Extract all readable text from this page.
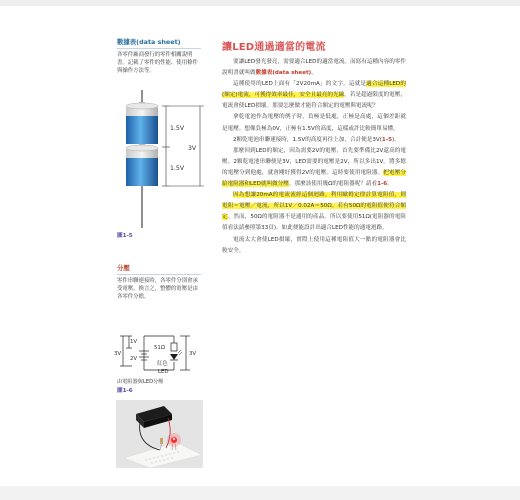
數據表(data sheet)
各零件廠商發行的零件相關說明書。記載了零件的性能、使用條件與操作方法等。
1.5V
1.5V
3V
圖1-5
分壓
零件串聯連接時，各零件分別會承受電壓，換言之，整體的電壓是由各零件分擔。
1V
3V
2V
51Ω
紅色
LED
3V
由電阻器與LED分壓
圖1-6
讓LED通過適當的電流

要讓LED發光發亮，需要適合LED的適當電流。而寫有這種內容的零件說明書就叫做數據表(data sheet)。

這種使用的LED上面有「2V20mA」的文字。這就是適合這種LED的(額定)電流，可獲得效率最佳，安全且最亮的光線。若是超過限度的電壓，電流會使LED損壞。那要怎麼做才能符合額定的電壓與電流呢？

拿乾電池作為電壓的例子時，負極是低處，正極是高處，這個差距就是電壓。想像負極為0V，正極有1.5V的高度，這樣或許比較簡單易懂。

2顆乾電池串聯連接時，1.5V的高度再往上加，合計便是3V(1-5)。

那麼回到LED的額定，因為需要2V的電壓，首先要準備比2V還高的電壓。2顆乾電池串聯便是3V，LED需要的電壓是2V，所以多出1V。將多餘的電壓分到他處，就會剛好獲得2V的電壓。這時要使用電阻器。把電壓分給電阻器和LED就叫做分壓。那麼該使用幾Ω的電阻器呢？請看1-6。

因為想讓20mA的電流流經這個迴路，利用歐姆定律計算電阻值，則電阻＝電壓／電流，所以1V／0.02A＝50Ω。若有50Ω的電阻值便符合額定。然而，50Ω的電阻器不是通用的產品，所以要使用51Ω(電阻器的電阻值看法請參照第33頁)。如此便能設計出適合LED性能的通電迴路。

電流太大會使LED損壞，實際上使用這種電阻值大一點的電阻器會比較安全。
